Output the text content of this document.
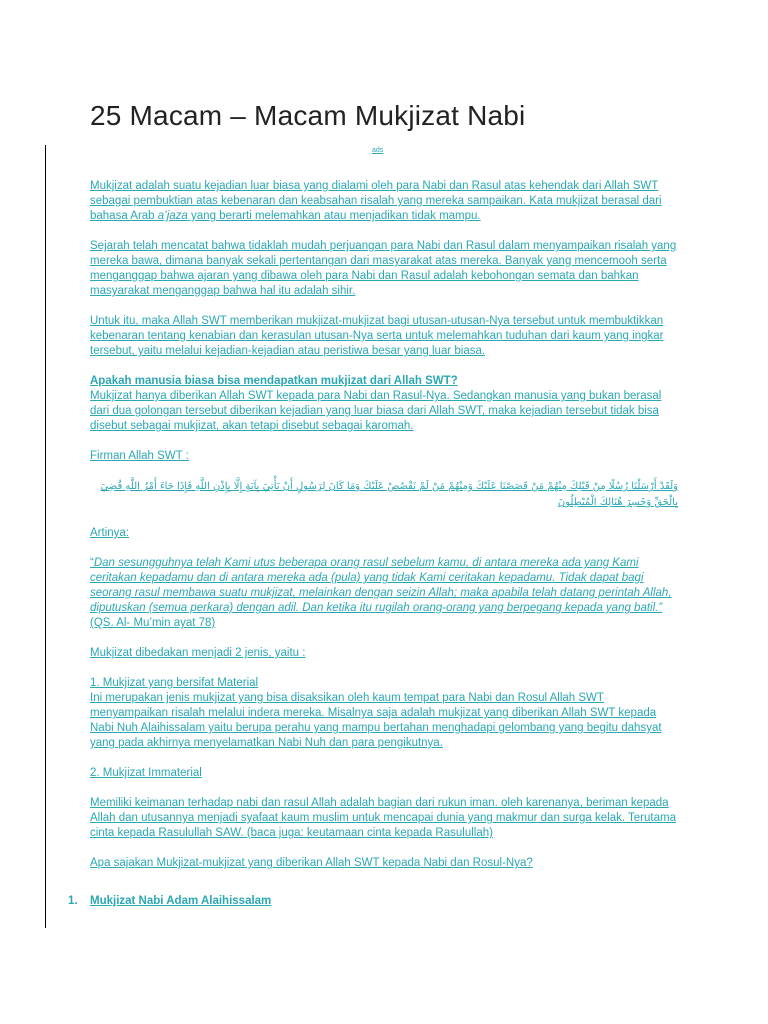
25 Macam – Macam Mukjizat Nabi
ads

Mukjizat adalah suatu kejadian luar biasa yang dialami oleh para Nabi dan Rasul atas kehendak dari Allah SWT sebagai pembuktian atas kebenaran dan keabsahan risalah yang mereka sampaikan. Kata mukjizat berasal dari bahasa Arab a’jaza yang berarti melemahkan atau menjadikan tidak mampu.

Sejarah telah mencatat bahwa tidaklah mudah perjuangan para Nabi dan Rasul dalam menyampaikan risalah yang mereka bawa, dimana banyak sekali pertentangan dari masyarakat atas mereka. Banyak yang mencemooh serta menganggap bahwa ajaran yang dibawa oleh para Nabi dan Rasul adalah kebohongan semata dan bahkan masyarakat menganggap bahwa hal itu adalah sihir.

Untuk itu, maka Allah SWT memberikan mukjizat-mukjizat bagi utusan-utusan-Nya tersebut untuk membuktikkan kebenaran tentang kenabian dan kerasulan utusan-Nya serta untuk melemahkan tuduhan dari kaum yang ingkar tersebut, yaitu melalui kejadian-kejadian atau peristiwa besar yang luar biasa.

Apakah manusia biasa bisa mendapatkan mukjizat dari Allah SWT?
Mukjizat hanya diberikan Allah SWT kepada para Nabi dan Rasul-Nya. Sedangkan manusia yang bukan berasal dari dua golongan tersebut diberikan kejadian yang luar biasa dari Allah SWT, maka kejadian tersebut tidak bisa disebut sebagai mukjizat, akan tetapi disebut sebagai karomah.

Firman Allah SWT :

وَلَقَدْ أَرْسَلْنَا رُسُلًا مِنْ قَبْلِكَ مِنْهُمْ مَنْ قَصَصْنَا عَلَيْكَ وَمِنْهُمْ مَنْ لَمْ نَقْصُصْ عَلَيْكَ وَمَا كَانَ لِرَسُولٍ أَنْ يَأْتِيَ بِآيَةٍ إِلَّا بِإِذْنِ اللَّهِ فَإِذَا جَاءَ أَمْرُ اللَّهِ قُضِيَ بِالْحَقِّ وَخَسِرَ هُنَالِكَ الْمُبْطِلُونَ

Artinya:

“Dan sesungguhnya telah Kami utus beberapa orang rasul sebelum kamu, di antara mereka ada yang Kami ceritakan kepadamu dan di antara mereka ada (pula) yang tidak Kami ceritakan kepadamu. Tidak dapat bagi seorang rasul membawa suatu mukjizat, melainkan dengan seizin Allah; maka apabila telah datang perintah Allah, diputuskan (semua perkara) dengan adil. Dan ketika itu rugilah orang-orang yang berpegang kepada yang batil.” (QS. Al- Mu’min ayat 78)

Mukjizat dibedakan menjadi 2 jenis, yaitu :

1. Mukjizat yang bersifat Material
Ini merupakan jenis mukjizat yang bisa disaksikan oleh kaum tempat para Nabi dan Rosul Allah SWT menyampaikan risalah melalui indera mereka. Misalnya saja adalah mukjizat yang diberikan Allah SWT kepada Nabi Nuh Alaihissalam yaitu berupa perahu yang mampu bertahan menghadapi gelombang yang begitu dahsyat yang pada akhirnya menyelamatkan Nabi Nuh dan para pengikutnya.

2. Mukjizat Immaterial

Memiliki keimanan terhadap nabi dan rasul Allah adalah bagian dari rukun iman. oleh karenanya, beriman kepada Allah dan utusannya menjadi syafaat kaum muslim untuk mencapai dunia yang makmur dan surga kelak. Terutama cinta kepada Rasulullah SAW. (baca juga: keutamaan cinta kepada Rasulullah)

Apa sajakan Mukjizat-mukjizat yang diberikan Allah SWT kepada Nabi dan Rosul-Nya?

1. Mukjizat Nabi Adam Alaihissalam
